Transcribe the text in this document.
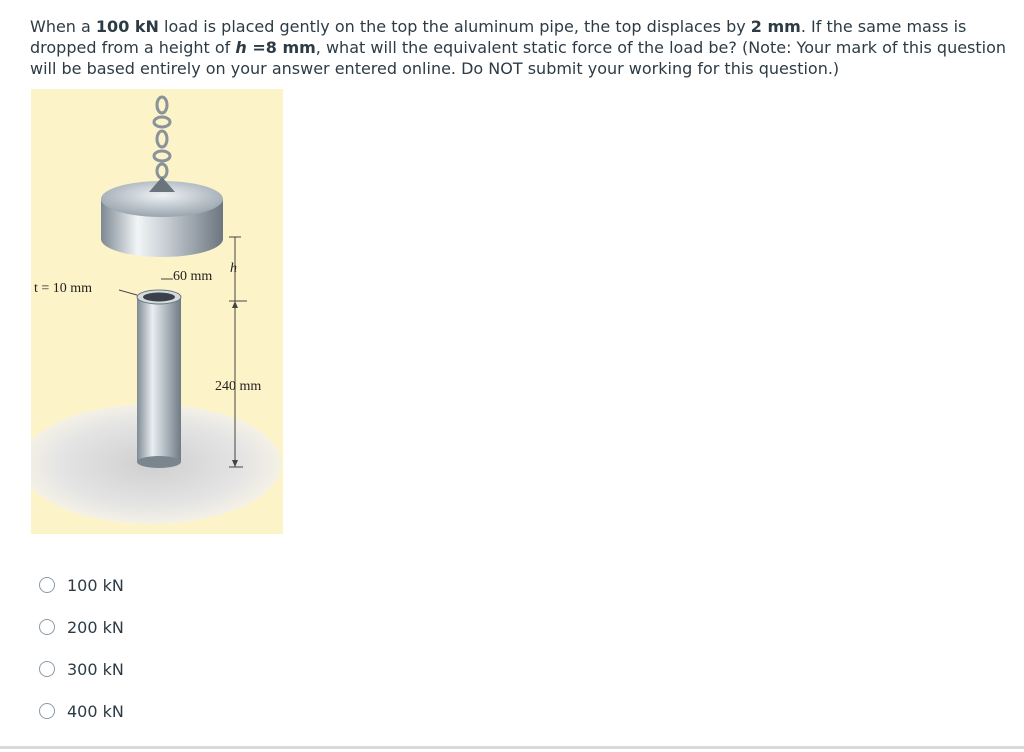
When a 100 kN load is placed gently on the top the aluminum pipe, the top displaces by 2 mm. If the same mass is dropped from a height of h =8 mm, what will the equivalent static force of the load be? (Note: Your mark of this question will be based entirely on your answer entered online. Do NOT submit your working for this question.)
h
60 mm
t = 10 mm
240 mm
100 kN
200 kN
300 kN
400 kN
